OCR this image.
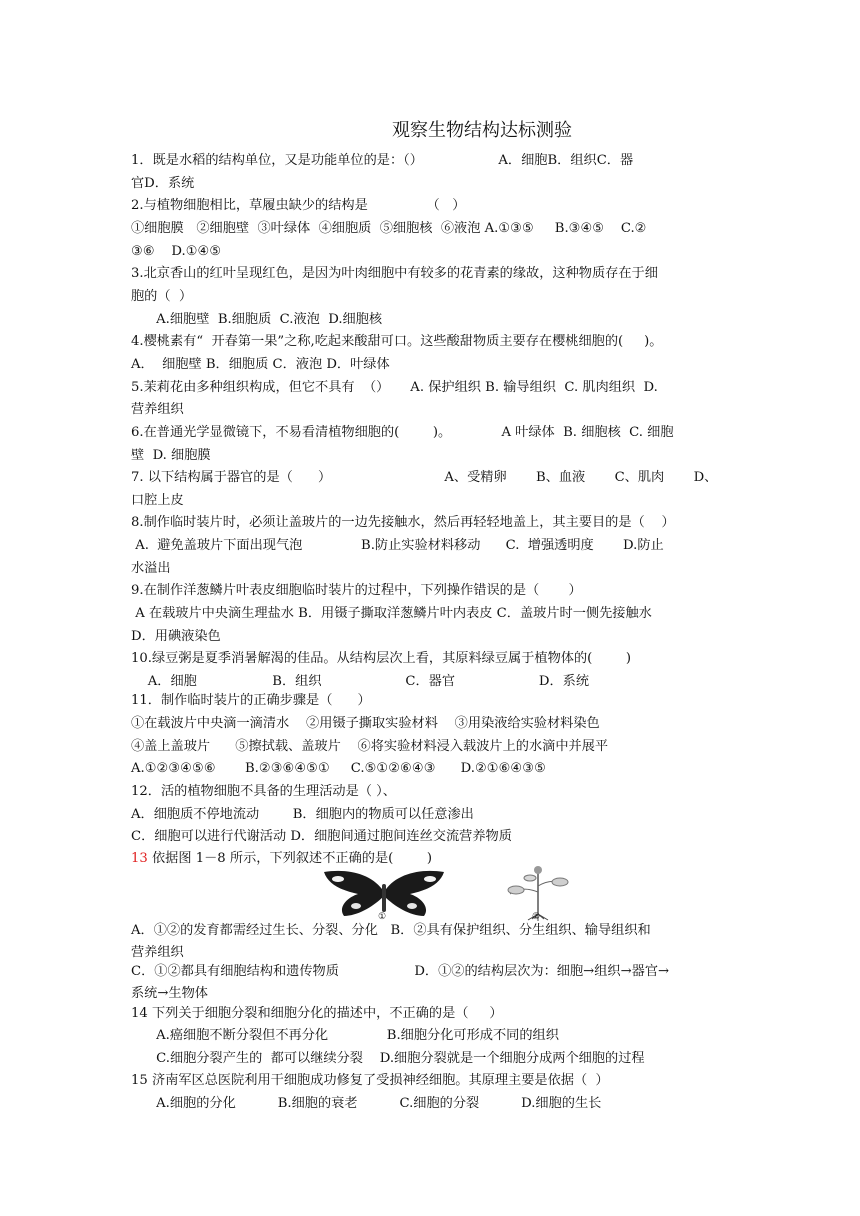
观察生物结构达标测验
1．既是水稻的结构单位，又是功能单位的是：（）                  A．细胞B．组织C．器
官D．系统
2.与植物细胞相比，草履虫缺少的结构是              （   ）
①细胞膜   ②细胞壁  ③叶绿体  ④细胞质  ⑤细胞核  ⑥液泡 A.①③⑤     B.③④⑤    C.②
③⑥    D.①④⑤
3.北京香山的红叶呈现红色，是因为叶肉细胞中有较多的花青素的缘故，这种物质存在于细
胞的（  ）
A.细胞壁  B.细胞质  C.液泡  D.细胞核
4.樱桃素有“  开春第一果”之称,吃起来酸甜可口。这些酸甜物质主要存在樱桃细胞的(     )。
A．  细胞壁 B．细胞质 C．液泡 D．叶绿体
5.茉莉花由多种组织构成，但它不具有  （）     A. 保护组织 B. 输导组织  C. 肌肉组织  D.
营养组织
6.在普通光学显微镜下，不易看清植物细胞的(        )。            A 叶绿体  B. 细胞核  C. 细胞
壁  D. 细胞膜
7. 以下结构属于器官的是（      ）                           A、受精卵       B、血液       C、肌肉       D、
口腔上皮
8.制作临时装片时，必须让盖玻片的一边先接触水，然后再轻轻地盖上，其主要目的是（    ）
A.  避免盖玻片下面出现气泡              B.防止实验材料移动      C.  增强透明度       D.防止
水溢出
9.在制作洋葱鳞片叶表皮细胞临时装片的过程中，下列操作错误的是（       ）
A 在载玻片中央滴生理盐水 B．用镊子撕取洋葱鳞片叶内表皮 C．盖玻片时一侧先接触水
D．用碘液染色
10.绿豆粥是夏季消暑解渴的佳品。从结构层次上看，其原料绿豆属于植物体的(        )
A．细胞                  B．组织                    C．器官                    D．系统
11．制作临时装片的正确步骤是（      ）
①在载波片中央滴一滴清水    ②用镊子撕取实验材料    ③用染液给实验材料染色
④盖上盖玻片      ⑤擦拭载、盖玻片    ⑥将实验材料浸入载波片上的水滴中并展平
A.①②③④⑤⑥       B.②③⑥④⑤①     C.⑤①②⑥④③      D.②①⑥④③⑤
12．活的植物细胞不具备的生理活动是（ ）、
A．细胞质不停地流动        B．细胞内的物质可以任意渗出
C．细胞可以进行代谢活动 D．细胞间通过胞间连丝交流营养物质
13 依据图 1－8 所示，下列叙述不正确的是(        )
①	②
A．①②的发育都需经过生长、分裂、分化   B．②具有保护组织、分生组织、输导组织和
营养组织
C．①②都具有细胞结构和遗传物质                  D．①②的结构层次为：细胞→组织→器官→
系统→生物体
14 下列关于细胞分裂和细胞分化的描述中，不正确的是（     ）
A.癌细胞不断分裂但不再分化              B.细胞分化可形成不同的组织
C.细胞分裂产生的  都可以继续分裂    D.细胞分裂就是一个细胞分成两个细胞的过程
15 济南军区总医院利用干细胞成功修复了受损神经细胞。其原理主要是依据（  ）
A.细胞的分化          B.细胞的衰老          C.细胞的分裂          D.细胞的生长
